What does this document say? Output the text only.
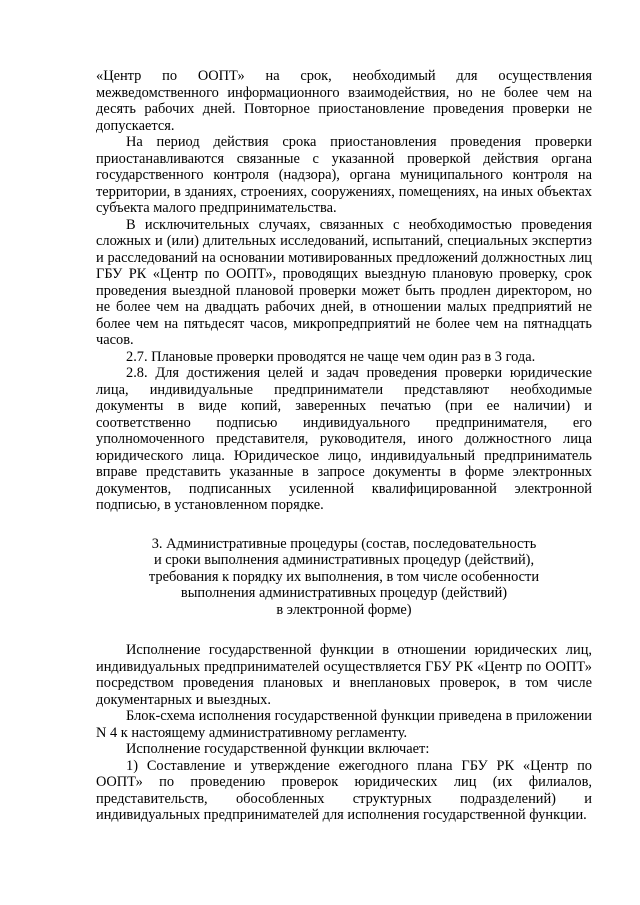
«Центр по ООПТ» на срок, необходимый для осуществления межведомственного информационного взаимодействия, но не более чем на десять рабочих дней. Повторное приостановление проведения проверки не допускается.

На период действия срока приостановления проведения проверки приостанавливаются связанные с указанной проверкой действия органа государственного контроля (надзора), органа муниципального контроля на территории, в зданиях, строениях, сооружениях, помещениях, на иных объектах субъекта малого предпринимательства.

В исключительных случаях, связанных с необходимостью проведения сложных и (или) длительных исследований, испытаний, специальных экспертиз и расследований на основании мотивированных предложений должностных лиц ГБУ РК «Центр по ООПТ», проводящих выездную плановую проверку, срок проведения выездной плановой проверки может быть продлен директором, но не более чем на двадцать рабочих дней, в отношении малых предприятий не более чем на пятьдесят часов, микропредприятий не более чем на пятнадцать часов.

2.7. Плановые проверки проводятся не чаще чем один раз в 3 года.

2.8. Для достижения целей и задач проведения проверки юридические лица, индивидуальные предприниматели представляют необходимые документы в виде копий, заверенных печатью (при ее наличии) и соответственно подписью индивидуального предпринимателя, его уполномоченного представителя, руководителя, иного должностного лица юридического лица. Юридическое лицо, индивидуальный предприниматель вправе представить указанные в запросе документы в форме электронных документов, подписанных усиленной квалифицированной электронной подписью, в установленном порядке.

3. Административные процедуры (состав, последовательность
и сроки выполнения административных процедур (действий),
требования к порядку их выполнения, в том числе особенности
выполнения административных процедур (действий)
в электронной форме)

Исполнение государственной функции в отношении юридических лиц, индивидуальных предпринимателей осуществляется ГБУ РК «Центр по ООПТ» посредством проведения плановых и внеплановых проверок, в том числе документарных и выездных.

Блок-схема исполнения государственной функции приведена в приложении N 4 к настоящему административному регламенту.

Исполнение государственной функции включает:

1) Составление и утверждение ежегодного плана ГБУ РК «Центр по ООПТ» по проведению проверок юридических лиц (их филиалов, представительств, обособленных структурных подразделений) и индивидуальных предпринимателей для исполнения государственной функции.
